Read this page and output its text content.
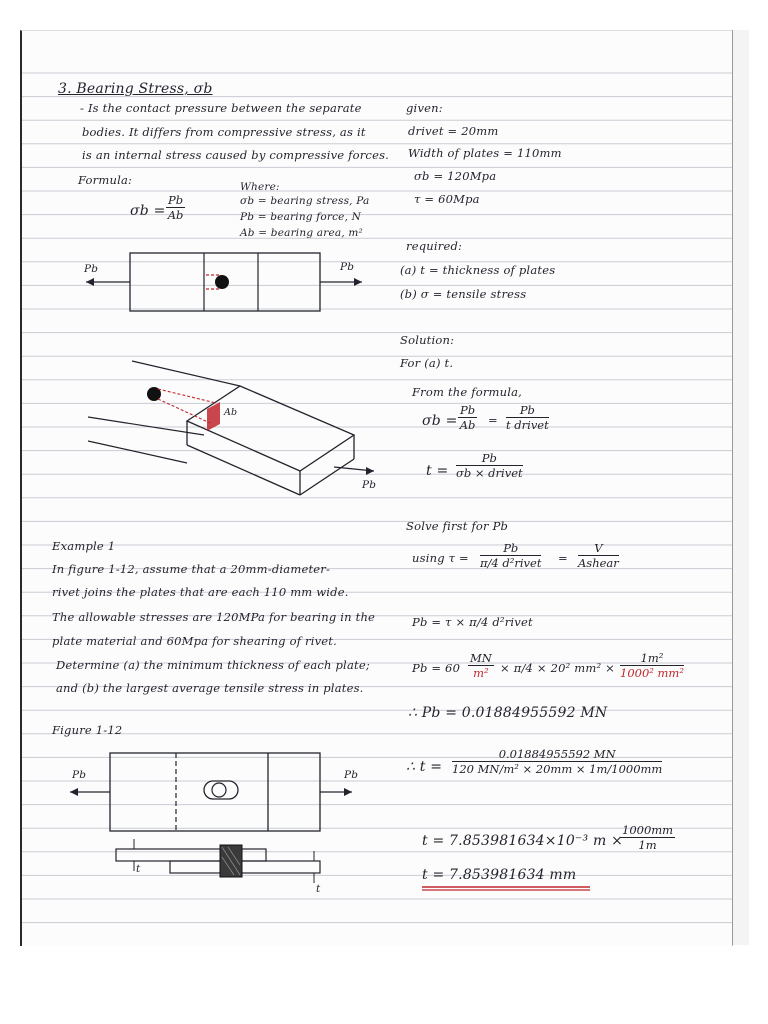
3. Bearing Stress, σb
- Is the contact pressure between the separate
bodies. It differs from compressive stress, as it
is an internal stress caused by compressive forces.
Formula:
$\sigma b = \frac{Pb}{Ab}$
Where:
σb = bearing stress, Pa
Pb = bearing force, N
Ab = bearing area, m²
Pb	Pb
Ab
Pb
given:
drivet = 20mm
Width of plates = 110mm
σb = 120Mpa
τ = 60Mpa
required:
(a) t = thickness of plates
(b) σ = tensile stress
Solution:
For (a) t.
From the formula,
$\sigma b = \frac{Pb}{Ab}$ =
Pb
t drivet
t =
Pb
σb × drivet
Solve first for Pb
using τ =
Pb
π/4 d²rivet =
V
Ashear
Pb = τ × π/4 d²rivet
$Pb = 60 \frac{MN}{\text{m²}} \times \pi/4 \times 20^2$ $mm^2 \times \frac{\text{1m²}}{\text{1000² mm²}}$
∴ Pb = 0.01884955592 MN
∴ $t = \frac{0.01884955592 MN}{\text{120 MN/m² × 20mm × 1m/1000mm}}$
t = 7.853981634×10⁻³ m ×
$\frac{1000mm}{1m}$
t = 7.853981634 mm
Example 1
In figure 1-12, assume that a 20mm-diameter-
rivet joins the plates that are each 110 mm wide.
The allowable stresses are 120MPa for bearing in the
plate material and 60Mpa for shearing of rivet.
Determine (a) the minimum thickness of each plate;
and (b) the largest average tensile stress in plates.
Figure 1-12
Pb	Pb
t
t
